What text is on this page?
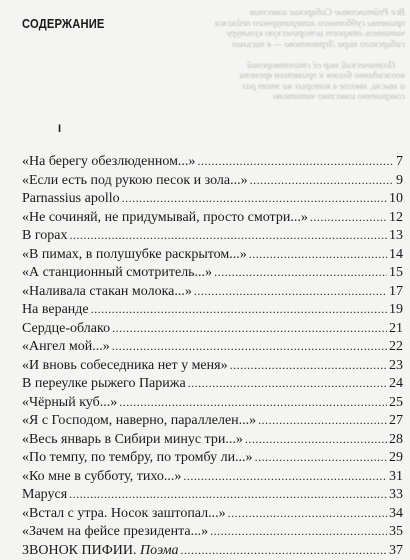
Все Рейтинговые Сибирские известия
приметы субботнего литературного пейзажа
читатель откроет историческую культуру
сибирского мира Лермонтова — в письмах

Поэтический мир её стихотворений
неожиданно близок к приметам времени
и мысли, многое в которых на этот раз
совершенно известно читателю
СОДЕРЖАНИЕ
I
«На берегу обезлюденном...» .....	7
«Если есть под рукою песок и зола...» .....	9
Parnassius apollo .....	10
«Не сочиняй, не придумывай, просто смотри...» .....	12
В горах .....	13
«В пимах, в полушубке раскрытом...» .....	14
«А станционный смотритель...» .....	15
«Наливала стакан молока...» .....	17
На веранде .....	19
Сердце-облако .....	21
«Ангел мой...» .....	22
«И вновь собеседника нет у меня» .....	23
В переулке рыжего Парижа .....	24
«Чёрный куб...» .....	25
«Я с Господом, наверно, параллелен...» .....	27
«Весь январь в Сибири минус три...» .....	28
«По темпу, по тембру, по тромбу ли...» .....	29
«Ко мне в субботу, тихо...» .....	31
Маруся .....	33
«Встал с утра. Носок заштопал...» .....	34
«Зачем на фейсе президента...» .....	35
ЗВОНОК ПИФИИ. Поэма .....	37
